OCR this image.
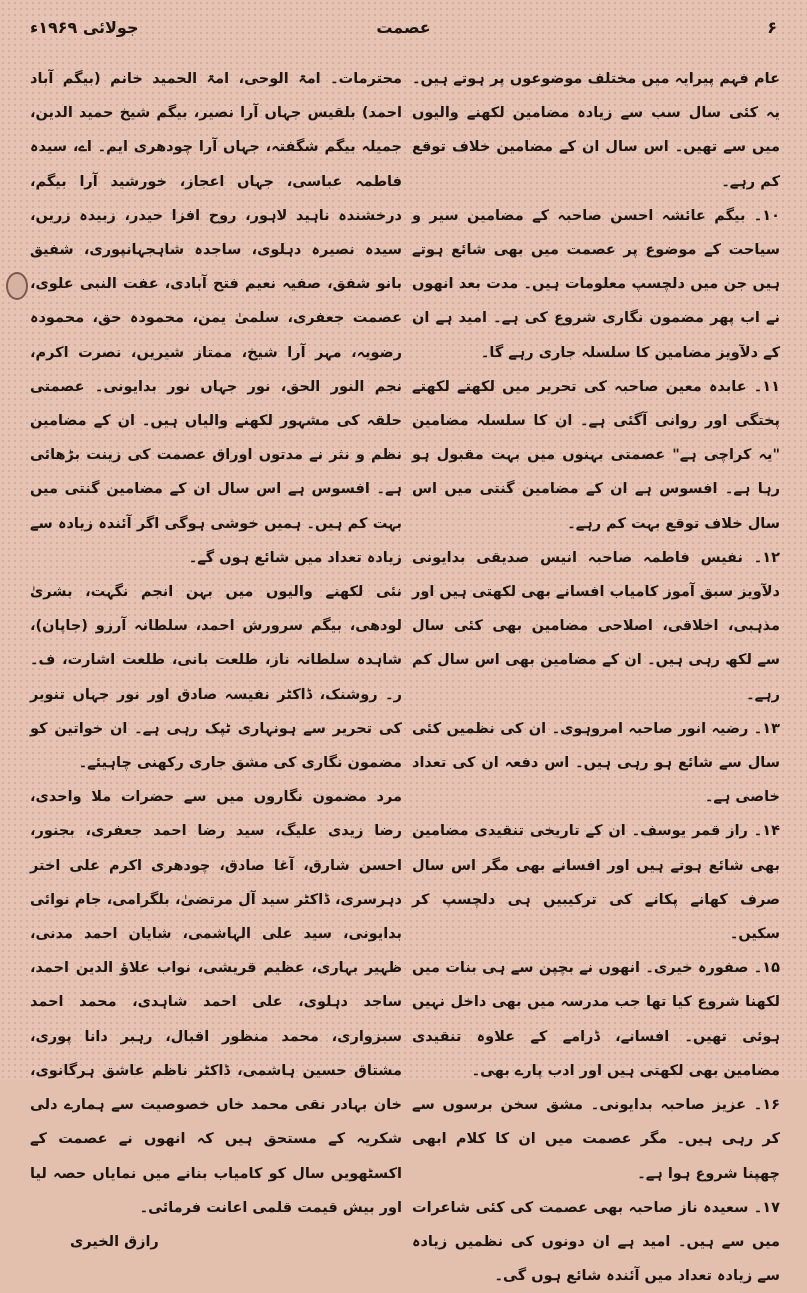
جولائی ۱۹۶۹ء	عصمت	۶

عام فہم پیرایہ میں مختلف موضوعوں پر ہوتے ہیں۔ یہ کئی سال سب سے زیادہ مضامین لکھنے والیوں میں سے تھیں۔ اس سال ان کے مضامین خلاف توقع کم رہے۔

۱۰۔ بیگم عائشہ احسن صاحبہ کے مضامین سیر و سیاحت کے موضوع پر عصمت میں بھی شائع ہوتے ہیں جن میں دلچسپ معلومات ہیں۔ مدت بعد انھوں نے اب پھر مضمون نگاری شروع کی ہے۔ امید ہے ان کے دلآویز مضامین کا سلسلہ جاری رہے گا۔

۱۱۔ عابدہ معین صاحبہ کی تحریر میں لکھتے لکھتے پختگی اور روانی آگئی ہے۔ ان کا سلسلہ مضامین "یہ کراچی ہے" عصمتی بہنوں میں بہت مقبول ہو رہا ہے۔ افسوس ہے ان کے مضامین گنتی میں اس سال خلاف توقع بہت کم رہے۔

۱۲۔ نفیس فاطمہ صاحبہ انیس صدیقی بدایونی دلآویز سبق آموز کامیاب افسانے بھی لکھتی ہیں اور مذہبی، اخلاقی، اصلاحی مضامین بھی کئی سال سے لکھ رہی ہیں۔ ان کے مضامین بھی اس سال کم رہے۔

۱۳۔ رضیہ انور صاحبہ امروہوی۔ ان کی نظمیں کئی سال سے شائع ہو رہی ہیں۔ اس دفعہ ان کی تعداد خاصی ہے۔

۱۴۔ راز قمر یوسف۔ ان کے تاریخی تنقیدی مضامین بھی شائع ہوتے ہیں اور افسانے بھی مگر اس سال صرف کھانے پکانے کی ترکیبیں ہی دلچسپ کر سکیں۔

۱۵۔ صفورہ خیری۔ انھوں نے بچپن سے ہی بنات میں لکھنا شروع کیا تھا جب مدرسہ میں بھی داخل نہیں ہوئی تھیں۔ افسانے، ڈرامے کے علاوہ تنقیدی مضامین بھی لکھتی ہیں اور ادب پارے بھی۔

۱۶۔ عزیز صاحبہ بدایونی۔ مشق سخن برسوں سے کر رہی ہیں۔ مگر عصمت میں ان کا کلام ابھی چھپنا شروع ہوا ہے۔

۱۷۔ سعیدہ ناز صاحبہ بھی عصمت کی کئی شاعرات میں سے ہیں۔ امید ہے ان دونوں کی نظمیں زیادہ سے زیادہ تعداد میں آئندہ شائع ہوں گی۔

محترمات۔ امۃ الوحی، امۃ الحمید خانم (بیگم آباد احمد) بلقیس جہاں آرا نصیر، بیگم شیخ حمید الدین، جمیلہ بیگم شگفتہ، جہاں آرا چودھری ایم۔ اے، سیدہ فاطمہ عباسی، جہاں اعجاز، خورشید آرا بیگم، درخشندہ ناہید لاہور، روح افزا حیدر، زبیدہ زریں، سیدہ نصیرہ دہلوی، ساجدہ شاہجہانپوری، شفیق بانو شفق، صفیہ نعیم فتح آبادی، عفت النبی علوی، عصمت جعفری، سلمیٰ یمن، محمودہ حق، محمودہ رضویہ، مہر آرا شیخ، ممتاز شیریں، نصرت اکرم، نجم النور الحق، نور جہاں نور بدایونی۔ عصمتی حلقہ کی مشہور لکھنے والیاں ہیں۔ ان کے مضامین نظم و نثر نے مدتوں اوراق عصمت کی زینت بڑھائی ہے۔ افسوس ہے اس سال ان کے مضامین گنتی میں بہت کم ہیں۔ ہمیں خوشی ہوگی اگر آئندہ زیادہ سے زیادہ تعداد میں شائع ہوں گے۔

نئی لکھنے والیوں میں بہن انجم نگہت، بشریٰ لودھی، بیگم سرورش احمد، سلطانہ آرزو (جاپان)، شاہدہ سلطانہ ناز، طلعت بانی، طلعت اشارت، ف۔ ر۔ روشنک، ڈاکٹر نفیسہ صادق اور نور جہاں تنویر کی تحریر سے ہونہاری ٹپک رہی ہے۔ ان خواتین کو مضمون نگاری کی مشق جاری رکھنی چاہیئے۔

مرد مضمون نگاروں میں سے حضرات ملا واحدی، رضا زیدی علیگ، سید رضا احمد جعفری، بجنور، احسن شارق، آغا صادق، چودھری اکرم علی اختر دہرسری، ڈاکٹر سید آل مرتضیٰ، بلگرامی، جام نوائی بدایونی، سید علی الہاشمی، شایان احمد مدنی، ظہیر بہاری، عظیم قریشی، نواب علاؤ الدین احمد، ساجد دہلوی، علی احمد شاہدی، محمد احمد سبزواری، محمد منظور اقبال، رہبر دانا پوری، مشتاق حسین ہاشمی، ڈاکٹر ناظم عاشق ہرگانوی، خان بہادر نقی محمد خاں خصوصیت سے ہمارے دلی شکریہ کے مستحق ہیں کہ انھوں نے عصمت کے اکسٹھویں سال کو کامیاب بنانے میں نمایاں حصہ لیا اور بیش قیمت قلمی اعانت فرمائی۔

رازق الخیری
